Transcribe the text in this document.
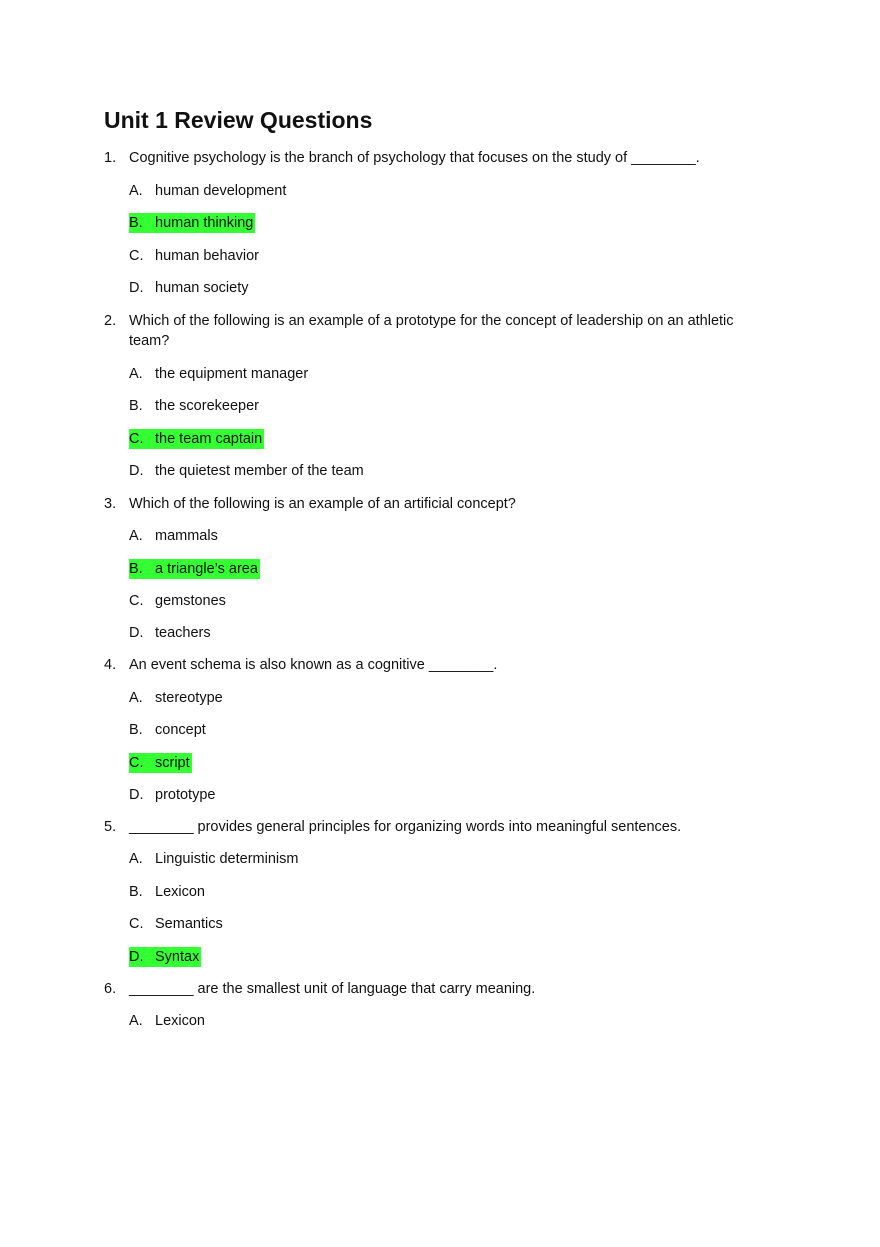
Unit 1 Review Questions
1. Cognitive psychology is the branch of psychology that focuses on the study of ________.
A. human development
B. human thinking
C. human behavior
D. human society
2. Which of the following is an example of a prototype for the concept of leadership on an athletic team?
A. the equipment manager
B. the scorekeeper
C. the team captain
D. the quietest member of the team
3. Which of the following is an example of an artificial concept?
A. mammals
B. a triangle’s area
C. gemstones
D. teachers
4. An event schema is also known as a cognitive ________.
A. stereotype
B. concept
C. script
D. prototype
5. ________ provides general principles for organizing words into meaningful sentences.
A. Linguistic determinism
B. Lexicon
C. Semantics
D. Syntax
6. ________ are the smallest unit of language that carry meaning.
A. Lexicon
